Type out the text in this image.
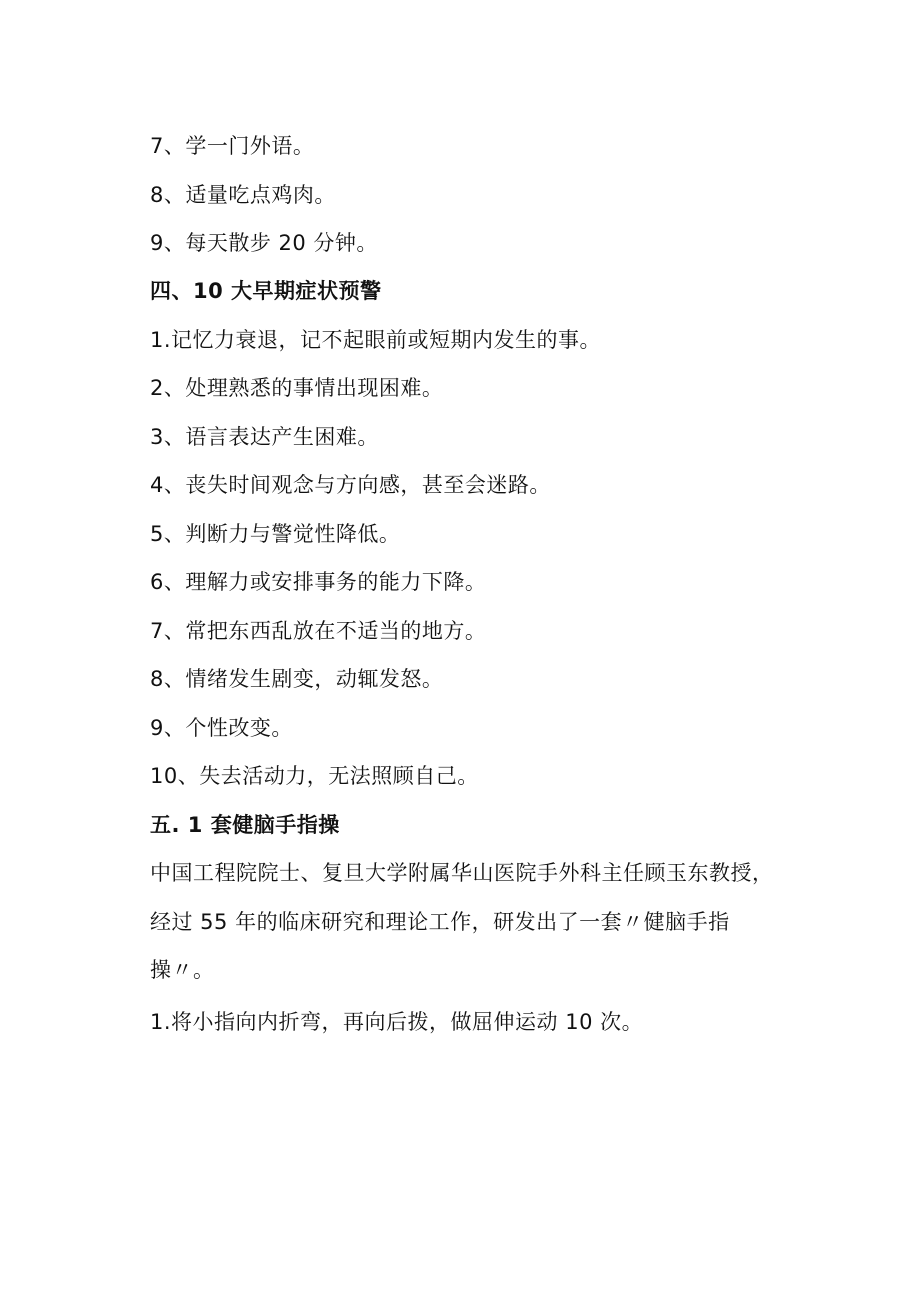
7、学一门外语。

8、适量吃点鸡肉。

9、每天散步 20 分钟。

四、10 大早期症状预警

1.记忆力衰退，记不起眼前或短期内发生的事。

2、处理熟悉的事情出现困难。

3、语言表达产生困难。

4、丧失时间观念与方向感，甚至会迷路。

5、判断力与警觉性降低。

6、理解力或安排事务的能力下降。

7、常把东西乱放在不适当的地方。

8、情绪发生剧变，动辄发怒。

9、个性改变。

10、失去活动力，无法照顾自己。

五. 1 套健脑手指操

中国工程院院士、复旦大学附属华山医院手外科主任顾玉东教授，

经过 55 年的临床研究和理论工作，研发出了一套〃健脑手指

操〃。

1.将小指向内折弯，再向后拨，做屈伸运动 10 次。
